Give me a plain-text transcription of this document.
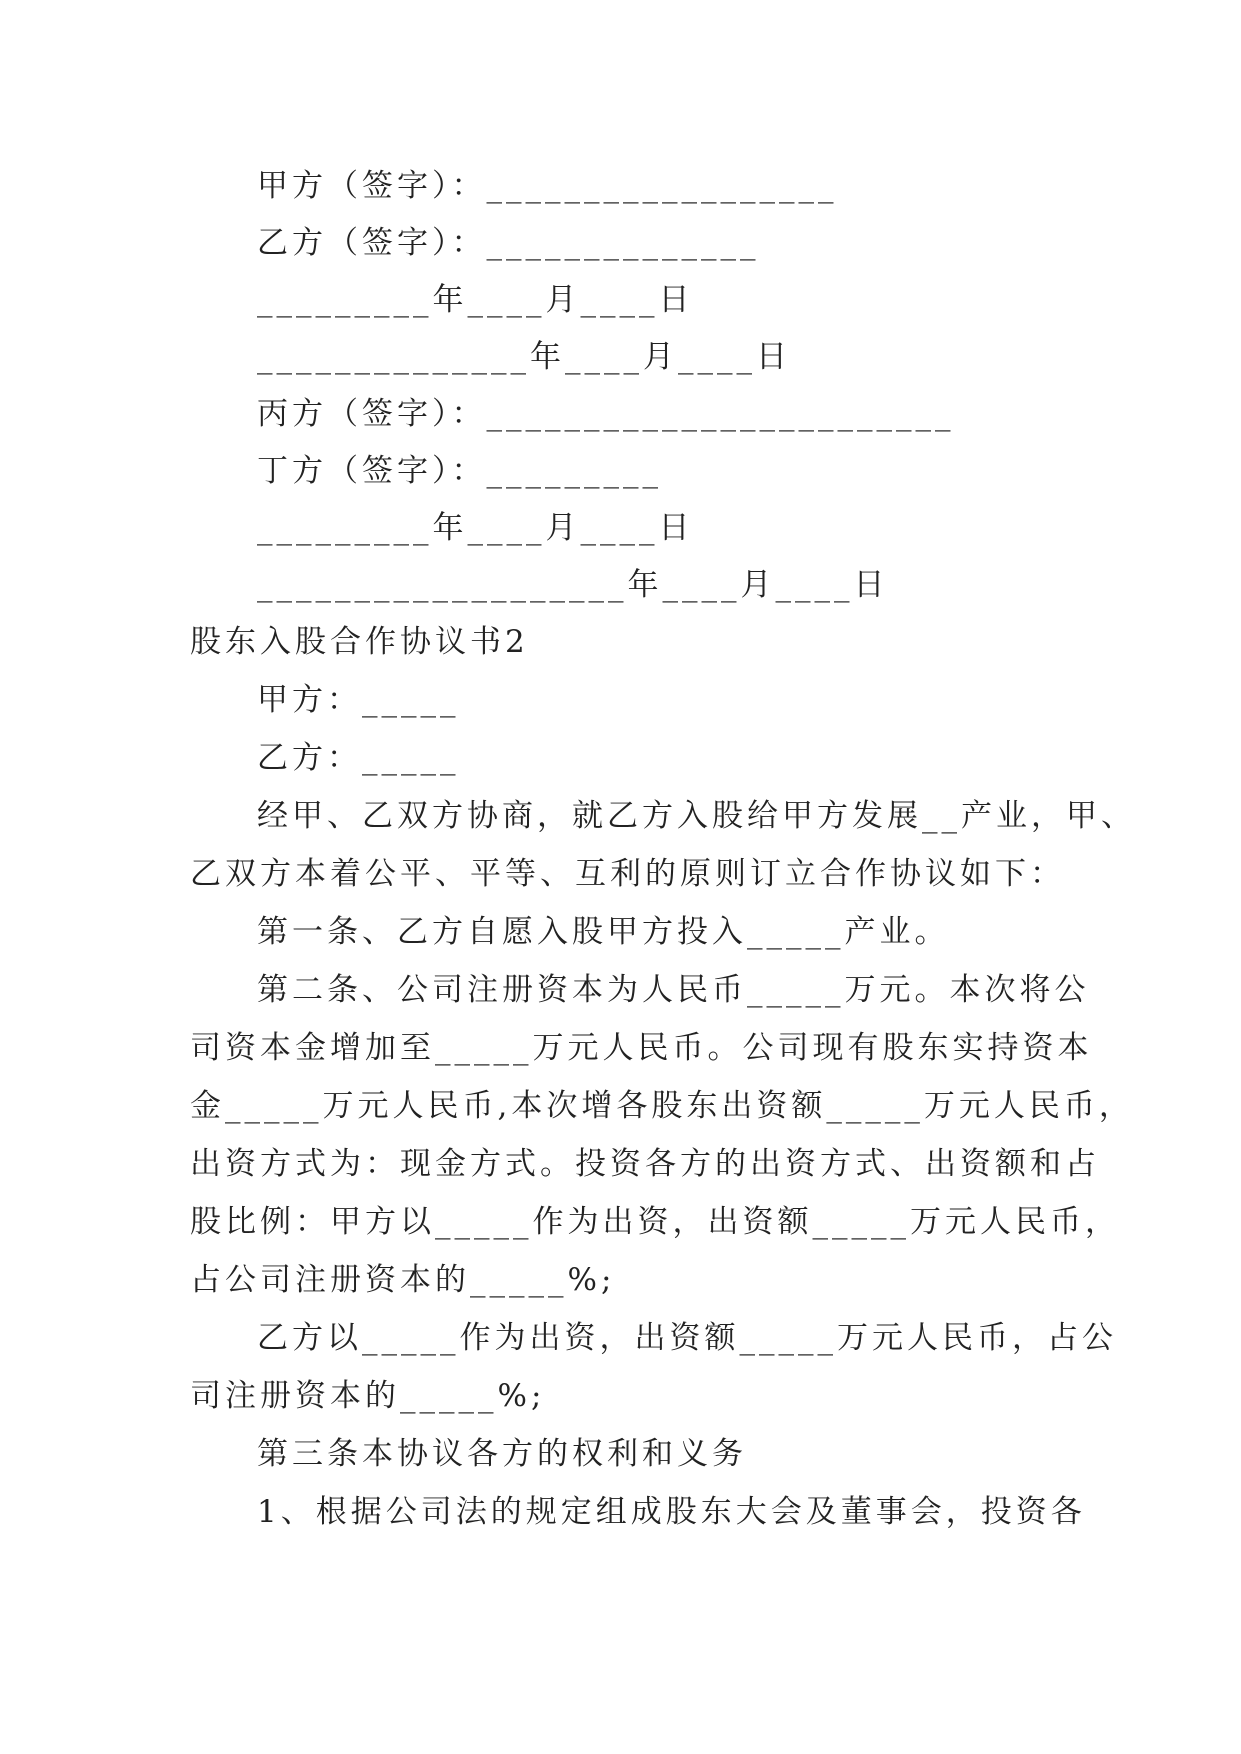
甲方（签字）：__________________
乙方（签字）：______________
_________年____月____日
______________年____月____日
丙方（签字）：________________________
丁方（签字）：_________
_________年____月____日
___________________年____月____日
股东入股合作协议书2
甲方：_____
乙方：_____
经甲、乙双方协商，就乙方入股给甲方发展__产业，甲、
乙双方本着公平、平等、互利的原则订立合作协议如下：
第一条、乙方自愿入股甲方投入_____产业。
第二条、公司注册资本为人民币_____万元。本次将公
司资本金增加至_____万元人民币。公司现有股东实持资本
金_____万元人民币,本次增各股东出资额_____万元人民币，
出资方式为：现金方式。投资各方的出资方式、出资额和占
股比例：甲方以_____作为出资，出资额_____万元人民币，
占公司注册资本的_____%;
乙方以_____作为出资，出资额_____万元人民币，占公
司注册资本的_____%;
第三条本协议各方的权利和义务
1、根据公司法的规定组成股东大会及董事会，投资各
